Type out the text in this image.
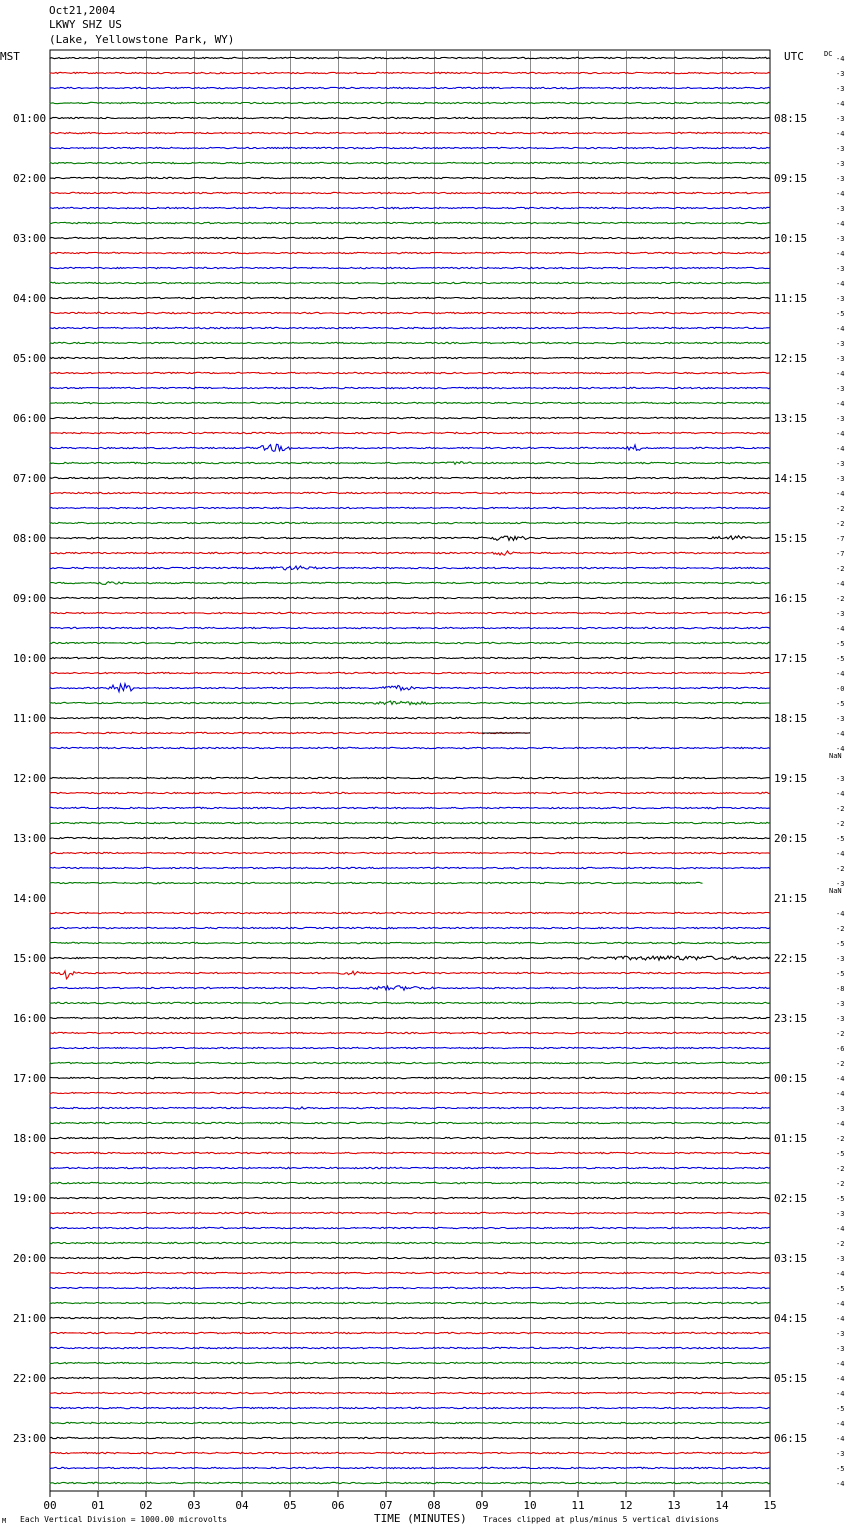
Oct21,2004
LKWY SHZ US
(Lake, Yellowstone Park, WY)
MST	UTC
00	01	02	03	04	05	06	07	08	09	10	11	12	13	14	15
-4
-3
-3
-4
-3
01:00	08:15
-4
-3
-3
-3
02:00	09:15
-4
-3
-4
-3
03:00	10:15
-4
-3
-4
-3
04:00	11:15
-5
-4
-3
-3
05:00	12:15
-4
-3
-4
-3
06:00	13:15
-4
-4
-3
-3
07:00	14:15
-4
-2
-2
-7
08:00	15:15
-7
-2
-4
-2
09:00	16:15
-3
-4
-5
-5
10:00	17:15
-4
-0
-5
-3
11:00	18:15
-4
-4
-3
12:00	19:15
-4
-2
-2
-5
13:00	20:15
-4
-2
-3
14:00	21:15
-4
-2
-5
-3
15:00	22:15
-5
-8
-3
-3
16:00	23:15
-2
-6
-2
-4
17:00	00:15
-4
-3
-4
-2
18:00	01:15
-5
-2
-2
-5
19:00	02:15
-3
-4
-2
-3
20:00	03:15
-4
-5
-4
-4
21:00	04:15
-3
-3
-4
-4
22:00	05:15
-4
-5
-4
-4
23:00	06:15
-3
-5
-4
DC
NaN
NaN
TIME (MINUTES)
M Each Vertical Division = 1000.00 microvolts	Traces clipped at plus/minus 5 vertical divisions
